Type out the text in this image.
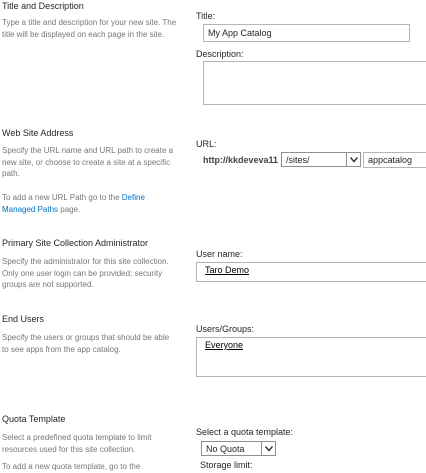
Title and Description
Type a title and description for your new site. The title will be displayed on each page in the site.
Title:
My App Catalog
Description:
Web Site Address
Specify the URL name and URL path to create a new site, or choose to create a site at a specific path.
To add a new URL Path go to the Define Managed Paths page.
URL:
http://kkdeveva11 /sites/	appcatalog
Primary Site Collection Administrator
Specify the administrator for this site collection. Only one user login can be provided; security groups are not supported.
User name:
Taro Demo
End Users
Specify the users or groups that should be able to see apps from the app catalog.
Users/Groups:
Everyone
Quota Template
Select a predefined quota template to limit resources used for this site collection.
To add a new quota template, go to the
Select a quota template:
No Quota
Storage limit:
